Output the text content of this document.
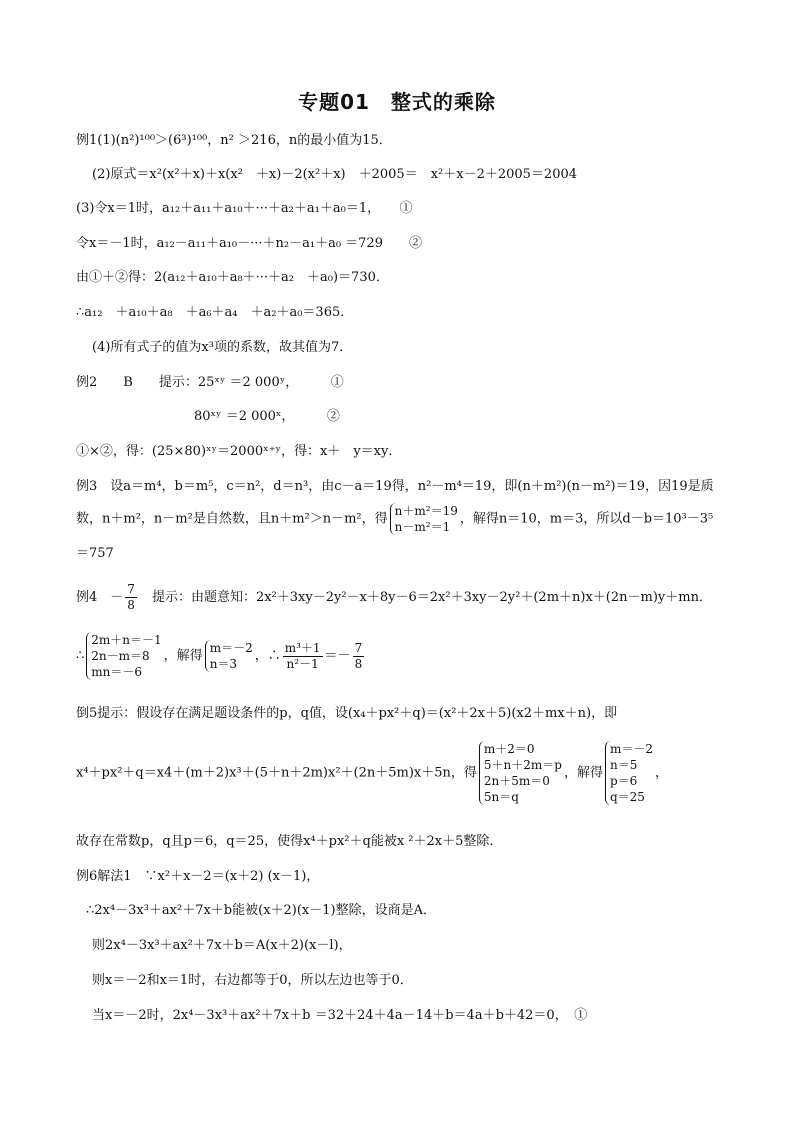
专题01　整式的乘除
例1(1)(n²)¹⁰⁰＞(6³)¹⁰⁰，n² ＞216，n的最小值为15．
(2)原式＝x²(x²＋x)＋x(x²　＋x)－2(x²＋x)　＋2005＝　x²＋x－2＋2005＝2004
(3)令x＝1时，a₁₂＋a₁₁＋a₁₀＋···＋a₂＋a₁＋a₀＝1，　　①
令x＝－1时，a₁₂－a₁₁＋a₁₀－···＋n₂－a₁＋a₀ ＝729　　②
由①＋②得：2(a₁₂＋a₁₀＋a₈＋···＋a₂　＋a₀)＝730．
∴a₁₂　＋a₁₀＋a₈　＋a₆＋a₄　＋a₂＋a₀＝365．
(4)所有式子的值为x³项的系数，故其值为7．
例2　　B　　提示：25ˣʸ ＝2 000ʸ，　　　①
80ˣʸ ＝2 000ˣ，　　　②
①×②，得：(25×80)ˣʸ＝2000ˣ⁺ʸ，得：x＋　y＝xy．
例3　设a＝m⁴，b＝m⁵，c＝n²，d＝n³，由c－a＝19得，n²－m⁴＝19，即(n＋m²)(n－m²)＝19，因19是质
数，n＋m²，n－m²是自然数，且n＋m²＞n－m²，得
n＋m²＝19
n－m²＝1
，解得n＝10，m＝3，所以d－b＝10³－3⁵
＝757
例4　－ $\frac{7}{8}$
　 提示：由题意知：2x²＋3xy－2y²－x＋8y－6＝2x²＋3xy－2y²＋(2m＋n)x＋(2n－m)y＋mn．
∴
2m＋n＝－1
2n－m＝8
mn＝－6
，解得
m＝－2
n＝3
，∴ $\frac{\text{m³＋1}}{\text{n²－1}} =- \frac{7}{8}$
倒5提示：假设存在满足题设条件的p，q值，设(x₄＋px²＋q)＝(x²＋2x＋5)(x2＋mx＋n)，即
x⁴＋px²＋q＝x4＋(m＋2)x³＋(5＋n＋2m)x²＋(2n＋5m)x＋5n，得
m＋2＝0
5＋n＋2m＝p
2n＋5m＝0
5n＝q
，解得
m＝－2
n＝5
p＝6
q＝25
，
故存在常数p，q且p＝6，q＝25，使得x⁴＋px²＋q能被x ²＋2x＋5整除．
例6解法1　∵x²＋x－2＝(x＋2) (x－1)，
∴2x⁴－3x³＋ax²＋7x＋b能被(x＋2)(x－1)整除，设商是A．
则2x⁴－3x³＋ax²＋7x＋b＝A(x＋2)(x－l)，
则x＝－2和x＝1时，右边都等于0，所以左边也等于0．
当x＝－2时，2x⁴－3x³＋ax²＋7x＋b ＝32＋24＋4a－14＋b＝4a＋b＋42＝0，　①
